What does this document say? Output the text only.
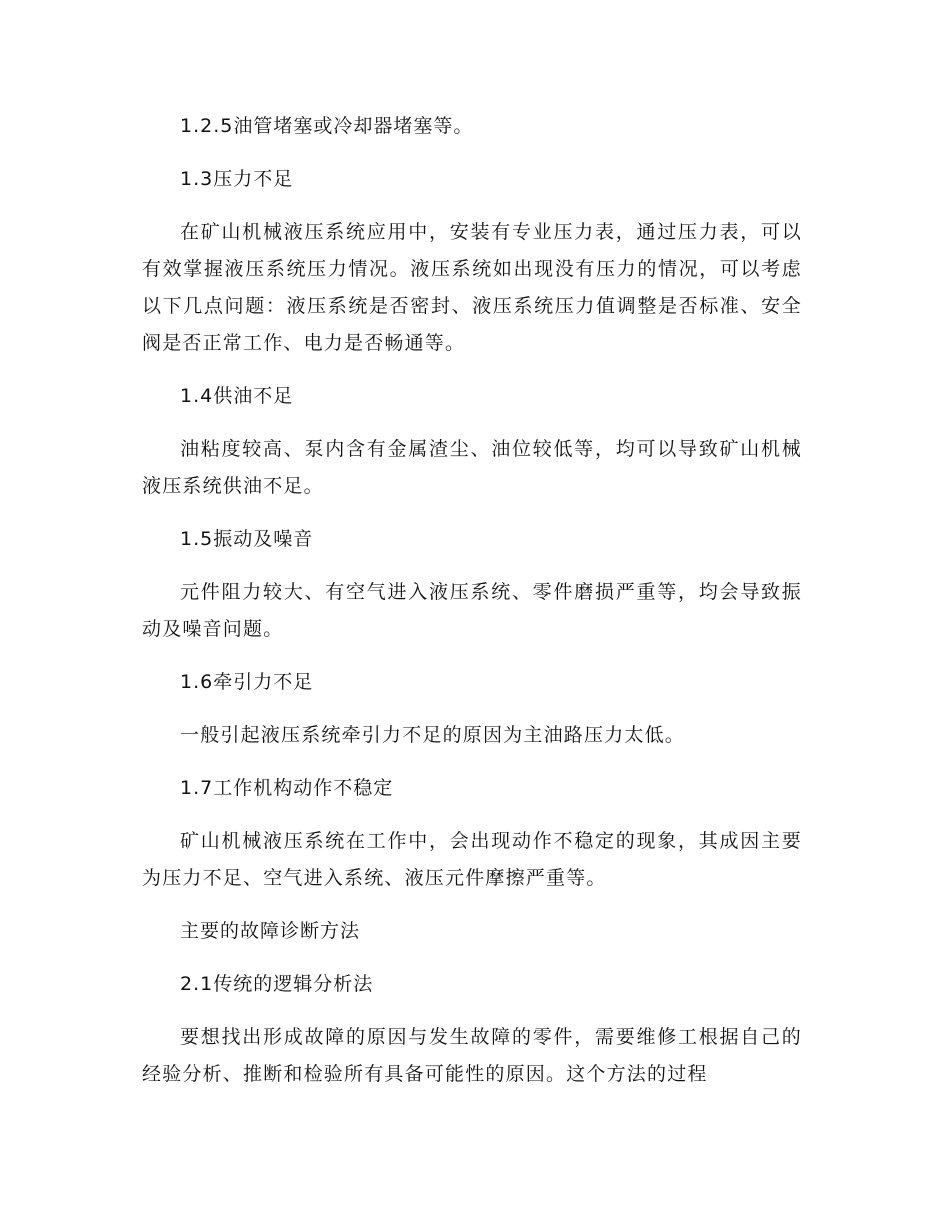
1.2.5油管堵塞或冷却器堵塞等。

1.3压力不足

在矿山机械液压系统应用中，安装有专业压力表，通过压力表，可以有效掌握液压系统压力情况。液压系统如出现没有压力的情况，可以考虑以下几点问题：液压系统是否密封、液压系统压力值调整是否标准、安全阀是否正常工作、电力是否畅通等。

1.4供油不足

油粘度较高、泵内含有金属渣尘、油位较低等，均可以导致矿山机械液压系统供油不足。

1.5振动及噪音

元件阻力较大、有空气进入液压系统、零件磨损严重等，均会导致振动及噪音问题。

1.6牵引力不足

一般引起液压系统牵引力不足的原因为主油路压力太低。

1.7工作机构动作不稳定

矿山机械液压系统在工作中，会出现动作不稳定的现象，其成因主要为压力不足、空气进入系统、液压元件摩擦严重等。

主要的故障诊断方法

2.1传统的逻辑分析法

要想找出形成故障的原因与发生故障的零件，需要维修工根据自己的经验分析、推断和检验所有具备可能性的原因。这个方法的过程
